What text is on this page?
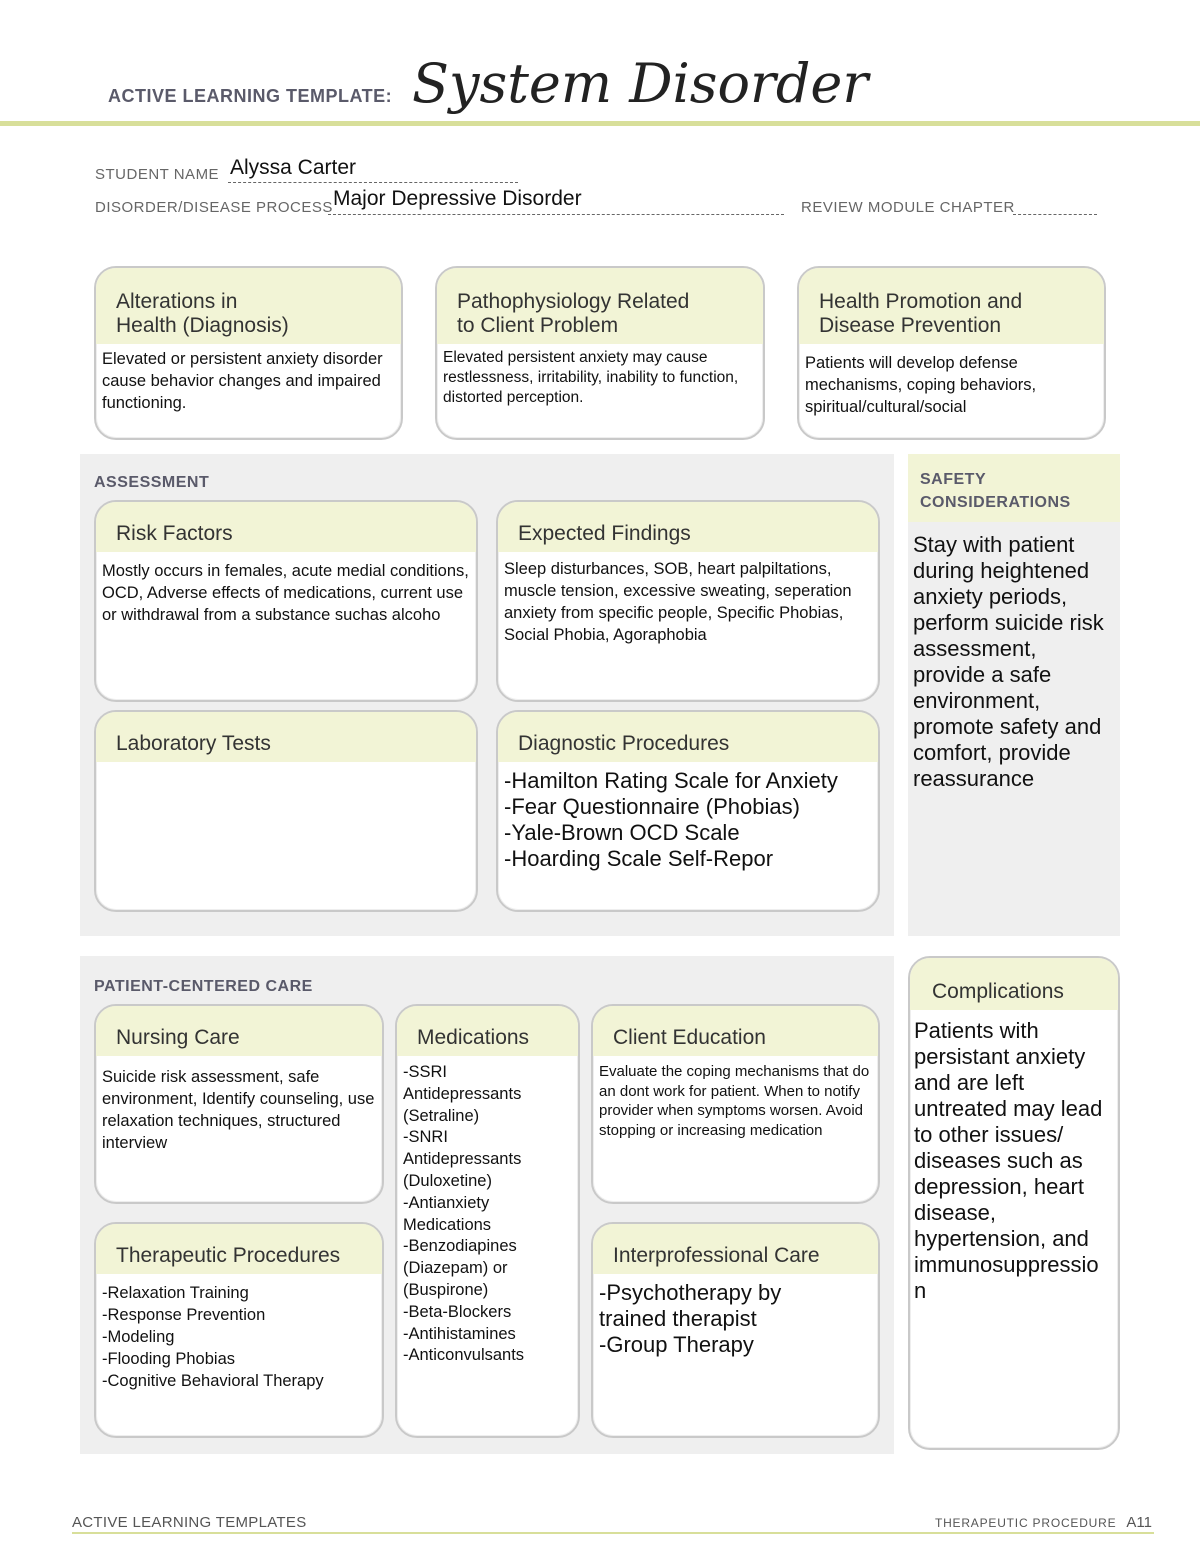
ACTIVE LEARNING TEMPLATE: System Disorder
STUDENT NAME Alyssa Carter
DISORDER/DISEASE PROCESS Major Depressive Disorder	REVIEW MODULE CHAPTER
Alterations in
Health (Diagnosis)
Elevated or persistent anxiety disorder cause behavior changes and impaired functioning.
Pathophysiology Related
to Client Problem
Elevated persistent anxiety may cause restlessness, irritability, inability to function, distorted perception.
Health Promotion and
Disease Prevention
Patients will develop defense mechanisms, coping behaviors, spiritual/cultural/social
ASSESSMENT
Risk Factors
Mostly occurs in females, acute medial conditions, OCD, Adverse effects of medications, current use or withdrawal from a substance suchas alcoho
Expected Findings
Sleep disturbances, SOB, heart palpiltations, muscle tension, excessive sweating, seperation anxiety from specific people, Specific Phobias, Social Phobia, Agoraphobia
Laboratory Tests	Diagnostic Procedures
-Hamilton Rating Scale for Anxiety
-Fear Questionnaire (Phobias)
-Yale-Brown OCD Scale
-Hoarding Scale Self-Repor
SAFETY
CONSIDERATIONS
Stay with patient during heightened anxiety periods, perform suicide risk assessment, provide a safe environment, promote safety and comfort, provide reassurance
PATIENT-CENTERED CARE
Nursing Care
Suicide risk assessment, safe environment, Identify counseling, use relaxation techniques, structured interview
Medications
-SSRI
Antidepressants
(Setraline)
-SNRI
Antidepressants
(Duloxetine)
-Antianxiety
Medications
-Benzodiapines
(Diazepam) or
(Buspirone)
-Beta-Blockers
-Antihistamines
-Anticonvulsants
Client Education
Evaluate the coping mechanisms that do an dont work for patient. When to notify provider when symptoms worsen. Avoid stopping or increasing medication
Therapeutic Procedures
-Relaxation Training
-Response Prevention
-Modeling
-Flooding Phobias
-Cognitive Behavioral Therapy
Interprofessional Care
-Psychotherapy by
trained therapist
-Group Therapy
Complications
Patients with persistant anxiety and are left untreated may lead to other issues/ diseases such as depression, heart disease, hypertension, and immunosuppressio n
ACTIVE LEARNING TEMPLATES	THERAPEUTIC PROCEDURE A11
